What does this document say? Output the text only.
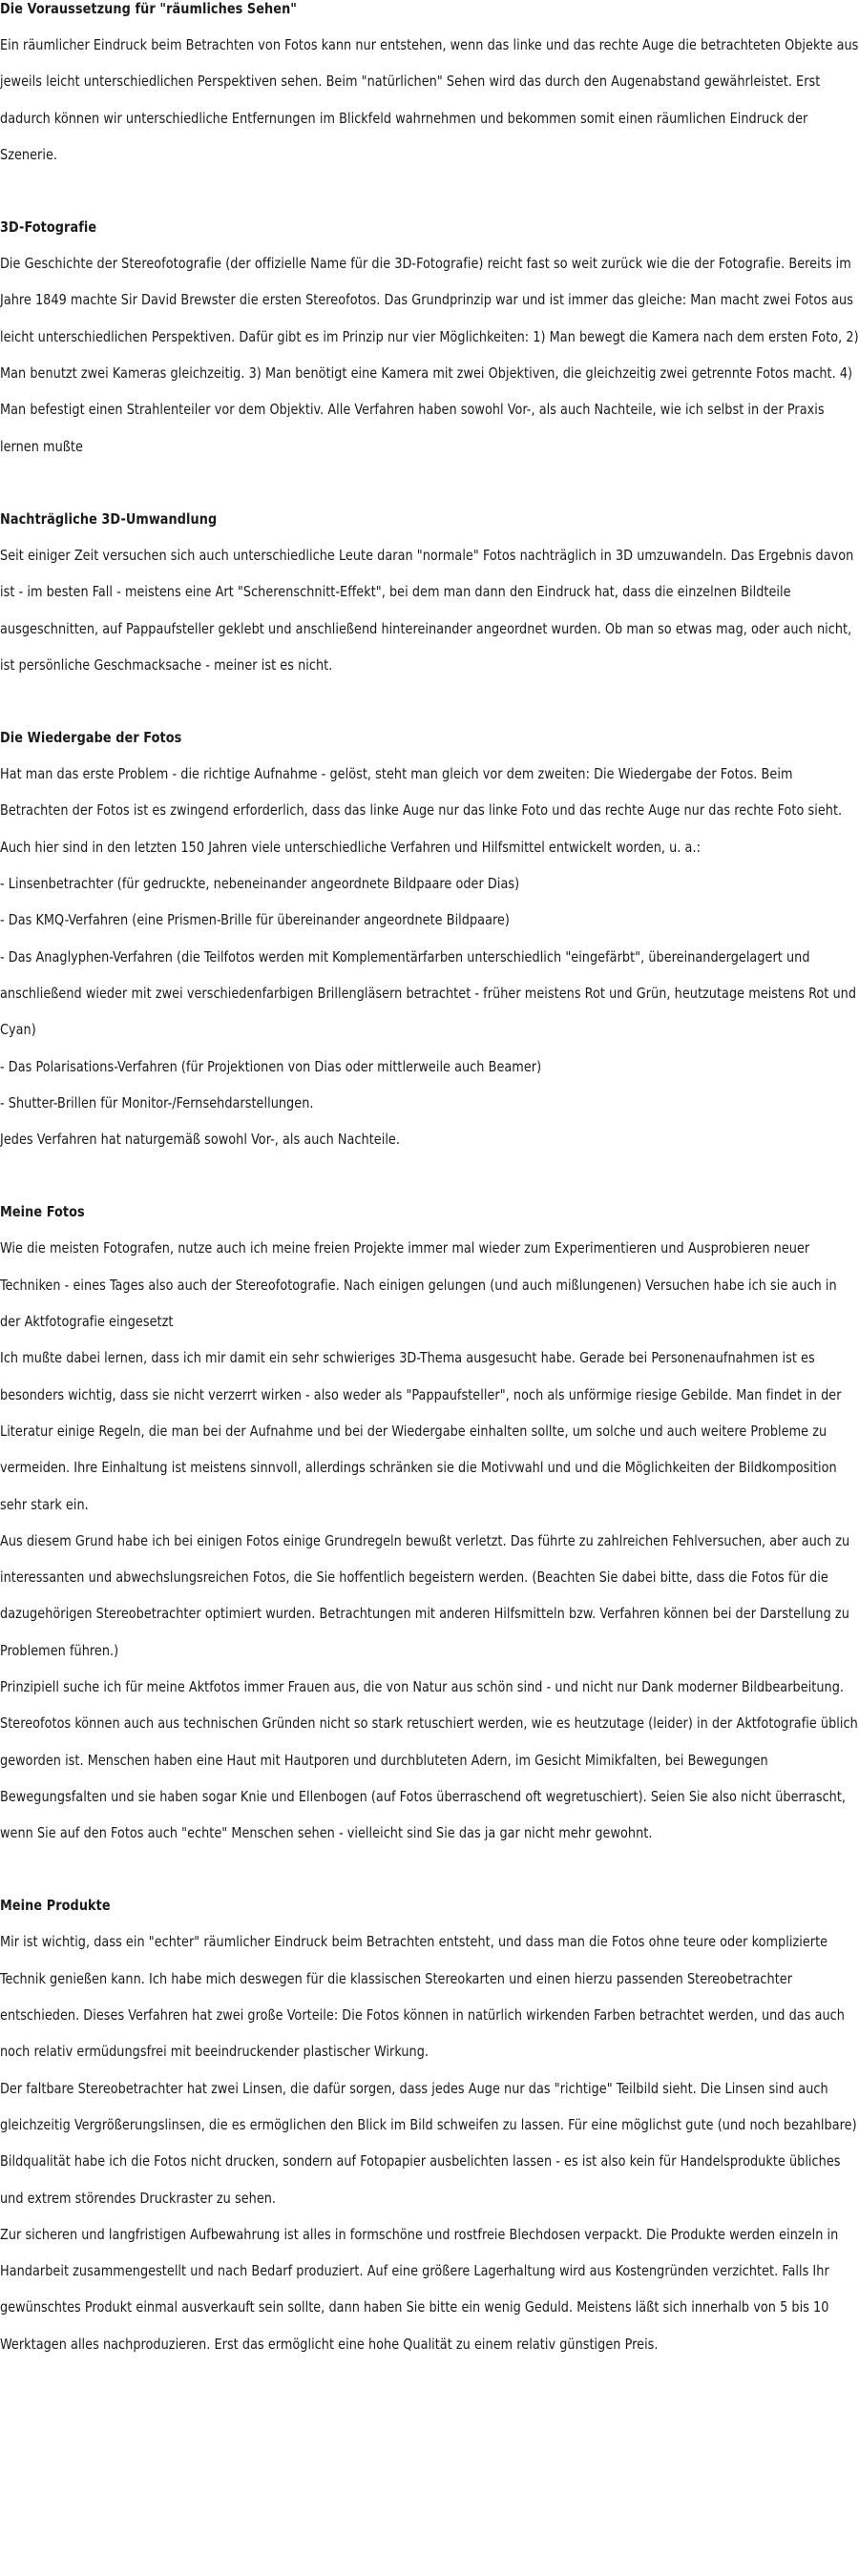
Die Voraussetzung für "räumliches Sehen"

Ein räumlicher Eindruck beim Betrachten von Fotos kann nur entstehen, wenn das linke und das rechte Auge die betrachteten Objekte aus jeweils leicht unterschiedlichen Perspektiven sehen. Beim "natürlichen" Sehen wird das durch den Augenabstand gewährleistet. Erst dadurch können wir unterschiedliche Entfernungen im Blickfeld wahrnehmen und bekommen somit einen räumlichen Eindruck der Szenerie.

3D-Fotografie

Die Geschichte der Stereofotografie (der offizielle Name für die 3D-Fotografie) reicht fast so weit zurück wie die der Fotografie. Bereits im Jahre 1849 machte Sir David Brewster die ersten Stereofotos. Das Grundprinzip war und ist immer das gleiche: Man macht zwei Fotos aus leicht unterschiedlichen Perspektiven. Dafür gibt es im Prinzip nur vier Möglichkeiten: 1) Man bewegt die Kamera nach dem ersten Foto, 2) Man benutzt zwei Kameras gleichzeitig. 3) Man benötigt eine Kamera mit zwei Objektiven, die gleichzeitig zwei getrennte Fotos macht. 4) Man befestigt einen Strahlenteiler vor dem Objektiv. Alle Verfahren haben sowohl Vor-, als auch Nachteile, wie ich selbst in der Praxis lernen mußte

Nachträgliche 3D-Umwandlung

Seit einiger Zeit versuchen sich auch unterschiedliche Leute daran "normale" Fotos nachträglich in 3D umzuwandeln. Das Ergebnis davon ist - im besten Fall - meistens eine Art "Scherenschnitt-Effekt", bei dem man dann den Eindruck hat, dass die einzelnen Bildteile ausgeschnitten, auf Pappaufsteller geklebt und anschließend hintereinander angeordnet wurden. Ob man so etwas mag, oder auch nicht, ist persönliche Geschmacksache - meiner ist es nicht.

Die Wiedergabe der Fotos

Hat man das erste Problem - die richtige Aufnahme - gelöst, steht man gleich vor dem zweiten: Die Wiedergabe der Fotos. Beim Betrachten der Fotos ist es zwingend erforderlich, dass das linke Auge nur das linke Foto und das rechte Auge nur das rechte Foto sieht.

Auch hier sind in den letzten 150 Jahren viele unterschiedliche Verfahren und Hilfsmittel entwickelt worden, u. a.:

- Linsenbetrachter (für gedruckte, nebeneinander angeordnete Bildpaare oder Dias)

- Das KMQ-Verfahren (eine Prismen-Brille für übereinander angeordnete Bildpaare)

- Das Anaglyphen-Verfahren (die Teilfotos werden mit Komplementärfarben unterschiedlich "eingefärbt", übereinandergelagert und anschließend wieder mit zwei verschiedenfarbigen Brillengläsern betrachtet - früher meistens Rot und Grün, heutzutage meistens Rot und Cyan)

- Das Polarisations-Verfahren (für Projektionen von Dias oder mittlerweile auch Beamer)

- Shutter-Brillen für Monitor-/Fernsehdarstellungen.

Jedes Verfahren hat naturgemäß sowohl Vor-, als auch Nachteile.

Meine Fotos

Wie die meisten Fotografen, nutze auch ich meine freien Projekte immer mal wieder zum Experimentieren und Ausprobieren neuer Techniken - eines Tages also auch der Stereofotografie. Nach einigen gelungen (und auch mißlungenen) Versuchen habe ich sie auch in der Aktfotografie eingesetzt

Ich mußte dabei lernen, dass ich mir damit ein sehr schwieriges 3D-Thema ausgesucht habe. Gerade bei Personenaufnahmen ist es besonders wichtig, dass sie nicht verzerrt wirken - also weder als "Pappaufsteller", noch als unförmige riesige Gebilde. Man findet in der Literatur einige Regeln, die man bei der Aufnahme und bei der Wiedergabe einhalten sollte, um solche und auch weitere Probleme zu vermeiden. Ihre Einhaltung ist meistens sinnvoll, allerdings schränken sie die Motivwahl und und die Möglichkeiten der Bildkomposition sehr stark ein.

Aus diesem Grund habe ich bei einigen Fotos einige Grundregeln bewußt verletzt. Das führte zu zahlreichen Fehlversuchen, aber auch zu interessanten und abwechslungsreichen Fotos, die Sie hoffentlich begeistern werden. (Beachten Sie dabei bitte, dass die Fotos für die dazugehörigen Stereobetrachter optimiert wurden. Betrachtungen mit anderen Hilfsmitteln bzw. Verfahren können bei der Darstellung zu Problemen führen.)

Prinzipiell suche ich für meine Aktfotos immer Frauen aus, die von Natur aus schön sind - und nicht nur Dank moderner Bildbearbeitung. Stereofotos können auch aus technischen Gründen nicht so stark retuschiert werden, wie es heutzutage (leider) in der Aktfotografie üblich geworden ist. Menschen haben eine Haut mit Hautporen und durchbluteten Adern, im Gesicht Mimikfalten, bei Bewegungen Bewegungsfalten und sie haben sogar Knie und Ellenbogen (auf Fotos überraschend oft wegretuschiert). Seien Sie also nicht überrascht, wenn Sie auf den Fotos auch "echte" Menschen sehen - vielleicht sind Sie das ja gar nicht mehr gewohnt.

Meine Produkte

Mir ist wichtig, dass ein "echter" räumlicher Eindruck beim Betrachten entsteht, und dass man die Fotos ohne teure oder komplizierte Technik genießen kann. Ich habe mich deswegen für die klassischen Stereokarten und einen hierzu passenden Stereobetrachter entschieden. Dieses Verfahren hat zwei große Vorteile: Die Fotos können in natürlich wirkenden Farben betrachtet werden, und das auch noch relativ ermüdungsfrei mit beeindruckender plastischer Wirkung.

Der faltbare Stereobetrachter hat zwei Linsen, die dafür sorgen, dass jedes Auge nur das "richtige" Teilbild sieht. Die Linsen sind auch gleichzeitig Vergrößerungslinsen, die es ermöglichen den Blick im Bild schweifen zu lassen. Für eine möglichst gute (und noch bezahlbare) Bildqualität habe ich die Fotos nicht drucken, sondern auf Fotopapier ausbelichten lassen - es ist also kein für Handelsprodukte übliches und extrem störendes Druckraster zu sehen.

Zur sicheren und langfristigen Aufbewahrung ist alles in formschöne und rostfreie Blechdosen verpackt. Die Produkte werden einzeln in Handarbeit zusammengestellt und nach Bedarf produziert. Auf eine größere Lagerhaltung wird aus Kostengründen verzichtet. Falls Ihr gewünschtes Produkt einmal ausverkauft sein sollte, dann haben Sie bitte ein wenig Geduld. Meistens läßt sich innerhalb von 5 bis 10 Werktagen alles nachproduzieren. Erst das ermöglicht eine hohe Qualität zu einem relativ günstigen Preis.
